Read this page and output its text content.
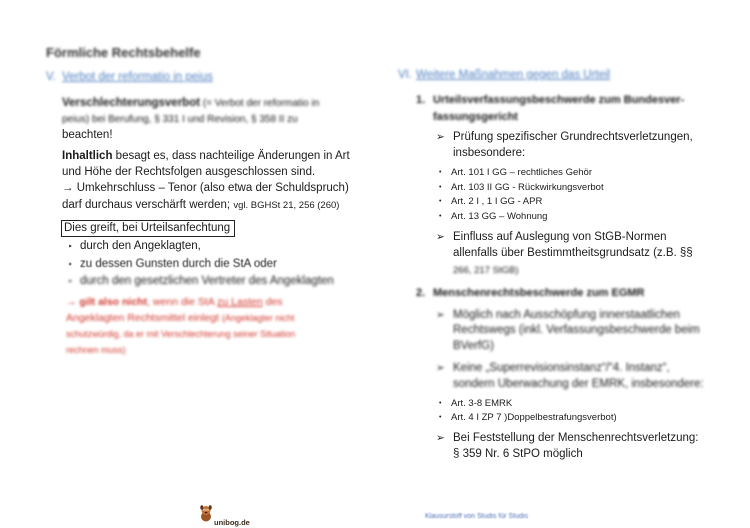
Förmliche Rechtsbehelfe
V. Verbot der reformatio in peius
Verschlechterungsverbot (= Verbot der reformatio in
peius) bei Berufung, § 331 I und Revision, § 358 II zu
beachten!
Inhaltlich besagt es, dass nachteilige Änderungen in Art
und Höhe der Rechtsfolgen ausgeschlossen sind.
→ Umkehrschluss – Tenor (also etwa der Schuldspruch)
darf durchaus verschärft werden; vgl. BGHSt 21, 256 (260)
Dies greift, bei Urteilsanfechtung
‣ durch den Angeklagten,
‣ zu dessen Gunsten durch die StA oder
‣ durch den gesetzlichen Vertreter des Angeklagten
→ gilt also nicht, wenn die StA zu Lasten des
Angeklagten Rechtsmittel einlegt (Angeklagter nicht
schutzwürdig, da er mit Verschlechterung seiner Situation
rechnen muss)
VI. Weitere Maßnahmen gegen das Urteil
1. Urteilsverfassungsbeschwerde zum Bundesver-
fassungsgericht
➢ Prüfung spezifischer Grundrechtsverletzungen,
insbesondere:
• Art. 101 I GG – rechtliches Gehör
• Art. 103 II GG - Rückwirkungsverbot
• Art. 2 I , 1 I GG - APR
• Art. 13 GG – Wohnung
➢ Einfluss auf Auslegung von StGB-Normen
allenfalls über Bestimmtheitsgrundsatz (z.B. §§
266, 217 StGB)
2. Menschenrechtsbeschwerde zum EGMR
➢ Möglich nach Ausschöpfung innerstaatlichen
Rechtswegs (inkl. Verfassungsbeschwerde beim
BVerfG)
➢ Keine „Superrevisionsinstanz“/“4. Instanz“,
sondern Überwachung der EMRK, insbesondere:
• Art. 3-8 EMRK
• Art. 4 I ZP 7 )Doppelbestrafungsverbot)
➢ Bei Feststellung der Menschenrechtsverletzung:
§ 359 Nr. 6 StPO möglich
unibog.de
Klausurstoff von Studis für Studis
